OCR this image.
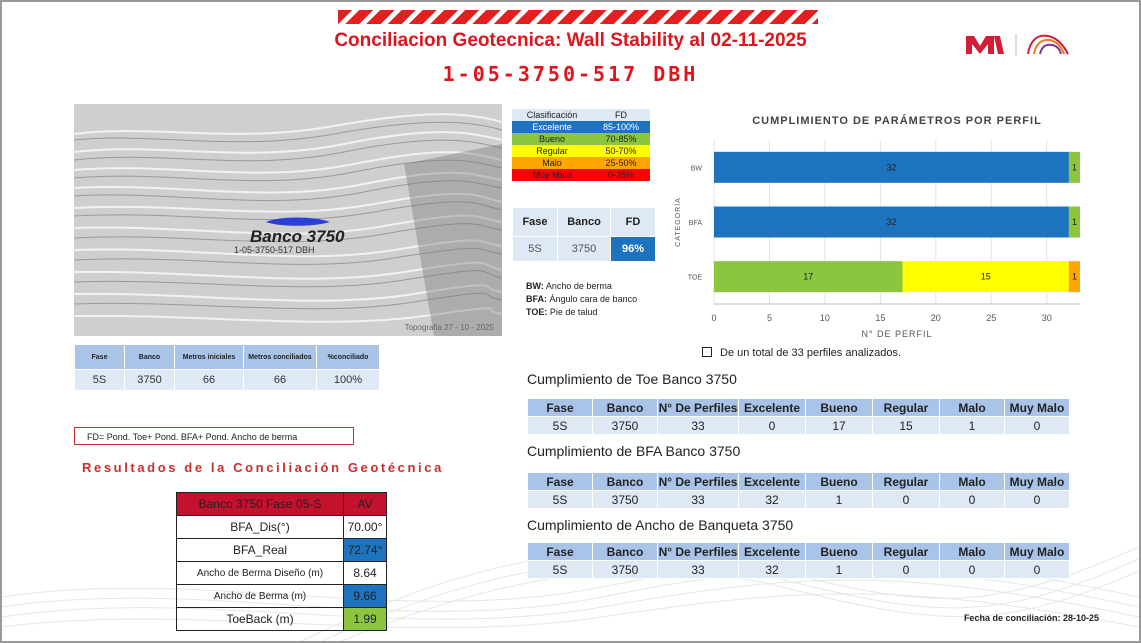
Conciliacion Geotecnica: Wall Stability al 02-11-2025
1-05-3750-517 DBH
Banco 3750
1-05-3750-517 DBH
Topografia 27 - 10 - 2025
Fase	Banco	Metros iniciales	Metros conciliados	%conciliado
5S	3750	66	66	100%
FD= Pond. Toe+ Pond. BFA+ Pond. Ancho de berma
Resultados de la Conciliación Geotécnica
Banco 3750 Fase 05-S	AV
BFA_Dis(°)	70.00°
BFA_Real	72.74°
Ancho de Berma Diseño (m)	8.64
Ancho de Berma (m)	9.66
ToeBack (m)	1.99
Clasificación	FD
Excelente	85-100%
Bueno	70-85%
Regular	50-70%
Malo	25-50%
Muy Malo	0-25%
Fase	Banco	FD
5S	3750	96%
BW: Ancho de berma
BFA: Ángulo cara de banco
TOE: Pie de talud
CUMPLIMIENTO DE PARÁMETROS POR PERFIL
0	5	10	15	20	25	30
N° DE PERFIL
CATEGORÍA
BW	32	1
BFA	32	1
TOE	17	15	1
De un total de 33 perfiles analizados.
Cumplimiento de Toe Banco 3750
Fase	Banco	N° De Perfiles	Excelente	Bueno	Regular	Malo	Muy Malo
5S	3750	33	0	17	15	1	0
Cumplimiento de BFA Banco 3750
Fase	Banco	N° De Perfiles	Excelente	Bueno	Regular	Malo	Muy Malo
5S	3750	33	32	1	0	0	0
Cumplimiento de Ancho de Banqueta 3750
Fase	Banco	N° De Perfiles	Excelente	Bueno	Regular	Malo	Muy Malo
5S	3750	33	32	1	0	0	0
Fecha de conciliación: 28-10-25
